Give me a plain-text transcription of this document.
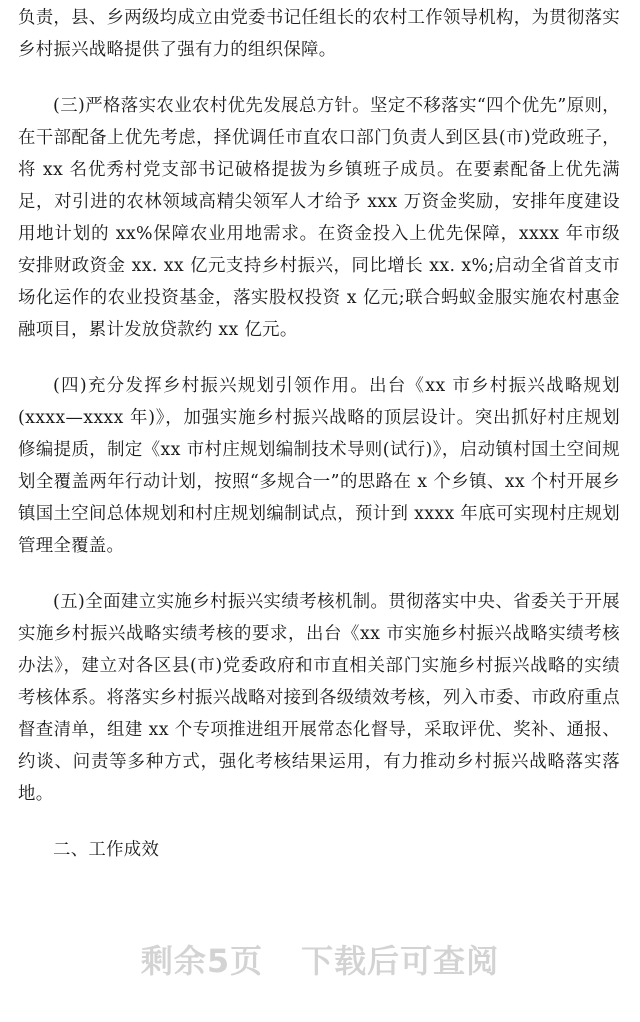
负责，县、乡两级均成立由党委书记任组长的农村工作领导机构，为贯彻落实乡村振兴战略提供了强有力的组织保障。

(三)严格落实农业农村优先发展总方针。坚定不移落实“四个优先”原则，在干部配备上优先考虑，择优调任市直农口部门负责人到区县(市)党政班子，将 xx 名优秀村党支部书记破格提拔为乡镇班子成员。在要素配备上优先满足，对引进的农林领域高精尖领军人才给予 xxx 万资金奖励，安排年度建设用地计划的 xx%保障农业用地需求。在资金投入上优先保障，xxxx 年市级安排财政资金 xx. xx 亿元支持乡村振兴，同比增长 xx. x%;启动全省首支市场化运作的农业投资基金，落实股权投资 x 亿元;联合蚂蚁金服实施农村惠金融项目，累计发放贷款约 xx 亿元。

(四)充分发挥乡村振兴规划引领作用。出台《xx 市乡村振兴战略规划(xxxx—xxxx 年)》，加强实施乡村振兴战略的顶层设计。突出抓好村庄规划修编提质，制定《xx 市村庄规划编制技术导则(试行)》，启动镇村国土空间规划全覆盖两年行动计划，按照“多规合一”的思路在 x 个乡镇、xx 个村开展乡镇国土空间总体规划和村庄规划编制试点，预计到 xxxx 年底可实现村庄规划管理全覆盖。

(五)全面建立实施乡村振兴实绩考核机制。贯彻落实中央、省委关于开展实施乡村振兴战略实绩考核的要求，出台《xx 市实施乡村振兴战略实绩考核办法》，建立对各区县(市)党委政府和市直相关部门实施乡村振兴战略的实绩考核体系。将落实乡村振兴战略对接到各级绩效考核，列入市委、市政府重点督查清单，组建 xx 个专项推进组开展常态化督导，采取评优、奖补、通报、约谈、问责等多种方式，强化考核结果运用，有力推动乡村振兴战略落实落地。

二、工作成效

剩余5页 下载后可查阅
